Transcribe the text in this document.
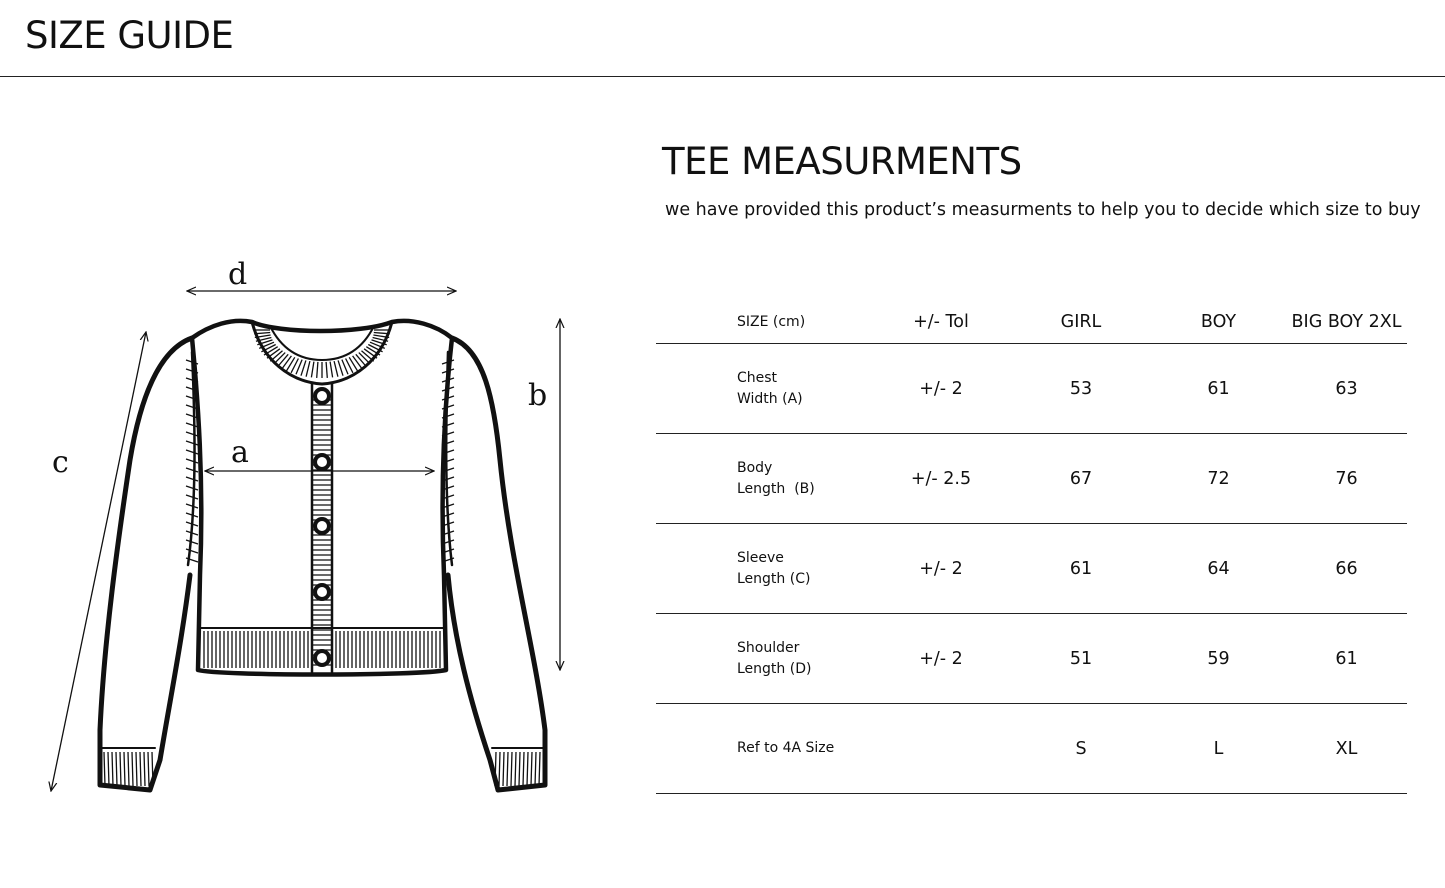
SIZE GUIDE
d
b
a
c
TEE MEASURMENTS
we have provided this product’s measurments to help you to decide which size to buy
SIZE (cm)	+/- Tol	GIRL	BOY	BIG BOY 2XL

Chest
Width (A)	+/- 2	53	61	63

Body
Length  (B)	+/- 2.5	67	72	76

Sleeve
Length (C)	+/- 2	61	64	66

Shoulder
Length (D)	+/- 2	51	59	61

Ref to 4A Size		S	L	XL
